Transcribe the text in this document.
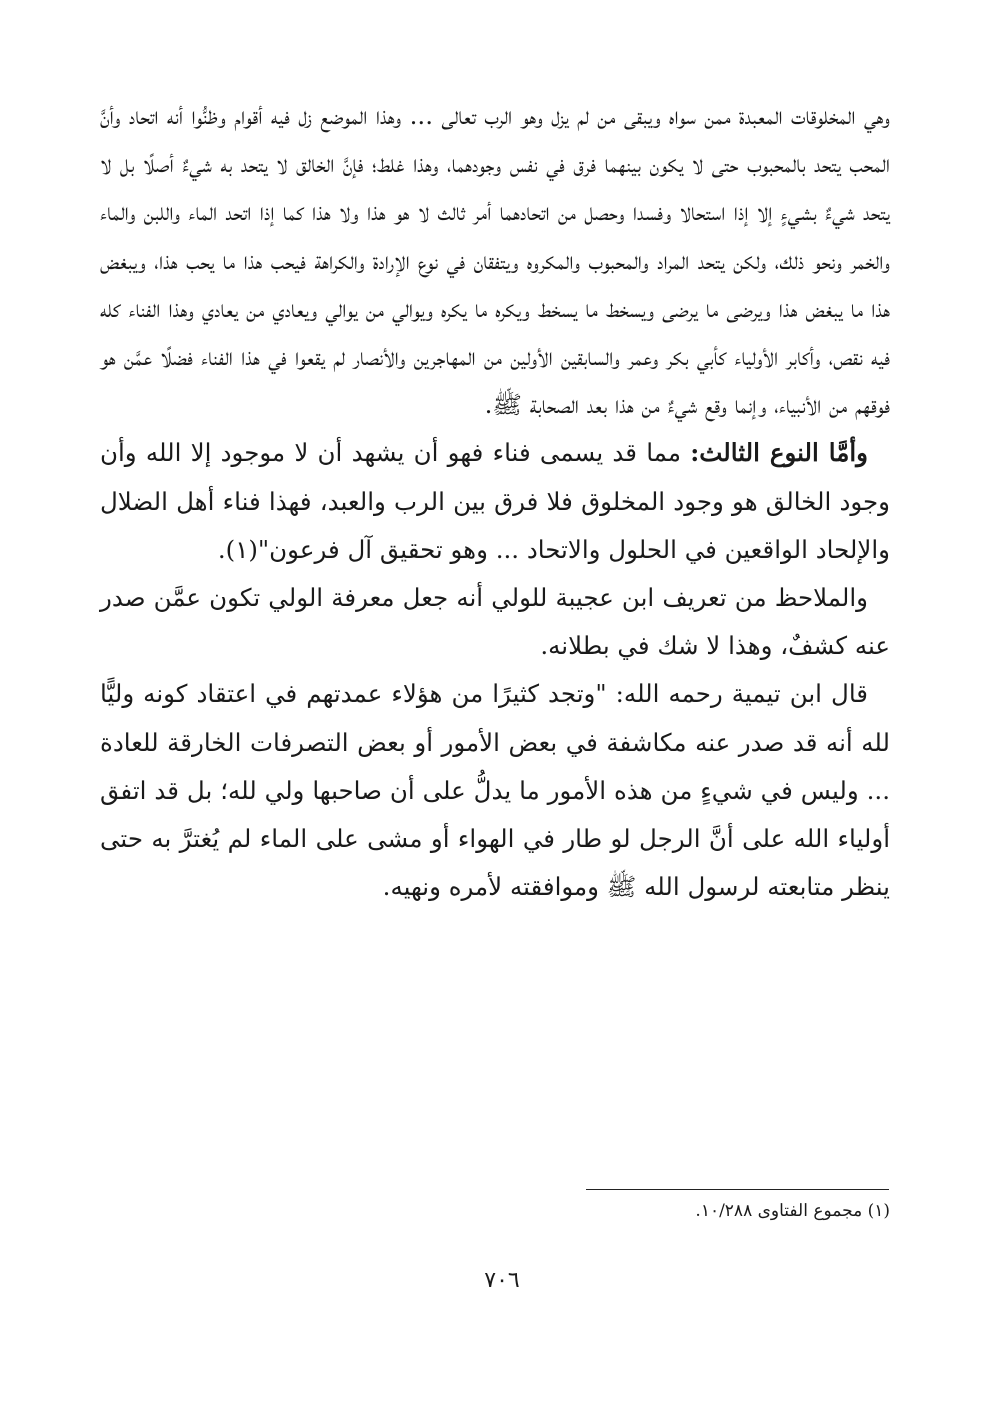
وهي المخلوقات المعبدة ممن سواه ويبقى من لم يزل وهو الرب تعالى ... وهذا الموضع زل فيه أقوام وظنُّوا أنه اتحاد وأنَّ المحب يتحد بالمحبوب حتى لا يكون بينهما فرق في نفس وجودهما، وهذا غلط؛ فإنَّ الخالق لا يتحد به شيءٌ أصلًا بل لا يتحد شيءٌ بشيءٍ إلا إذا استحالا وفسدا وحصل من اتحادهما أمر ثالث لا هو هذا ولا هذا كما إذا اتحد الماء واللبن والماء والخمر ونحو ذلك، ولكن يتحد المراد والمحبوب والمكروه ويتفقان في نوع الإرادة والكراهة فيحب هذا ما يحب هذا، ويبغض هذا ما يبغض هذا ويرضى ما يرضى ويسخط ما يسخط ويكره ما يكره ويوالي من يوالي ويعادي من يعادي وهذا الفناء كله فيه نقص، وأكابر الأولياء كأبي بكر وعمر والسابقين الأولين من المهاجرين والأنصار لم يقعوا في هذا الفناء فضلًا عمَّن هو فوقهم من الأنبياء، وإنما وقع شيءٌ من هذا بعد الصحابة ﷺ.

وأمَّا النوع الثالث: مما قد يسمى فناء فهو أن يشهد أن لا موجود إلا الله وأن وجود الخالق هو وجود المخلوق فلا فرق بين الرب والعبد، فهذا فناء أهل الضلال والإلحاد الواقعين في الحلول والاتحاد ... وهو تحقيق آل فرعون"(١).

والملاحظ من تعريف ابن عجيبة للولي أنه جعل معرفة الولي تكون عمَّن صدر عنه كشفٌ، وهذا لا شك في بطلانه.

قال ابن تيمية رحمه الله: "وتجد كثيرًا من هؤلاء عمدتهم في اعتقاد كونه وليًّا لله أنه قد صدر عنه مكاشفة في بعض الأمور أو بعض التصرفات الخارقة للعادة ... وليس في شيءٍ من هذه الأمور ما يدلُّ على أن صاحبها ولي لله؛ بل قد اتفق أولياء الله على أنَّ الرجل لو طار في الهواء أو مشى على الماء لم يُغترَّ به حتى ينظر متابعته لرسول الله ﷺ وموافقته لأمره ونهيه.

(١) مجموع الفتاوى ١٠/٢٨٨.
٧٠٦
